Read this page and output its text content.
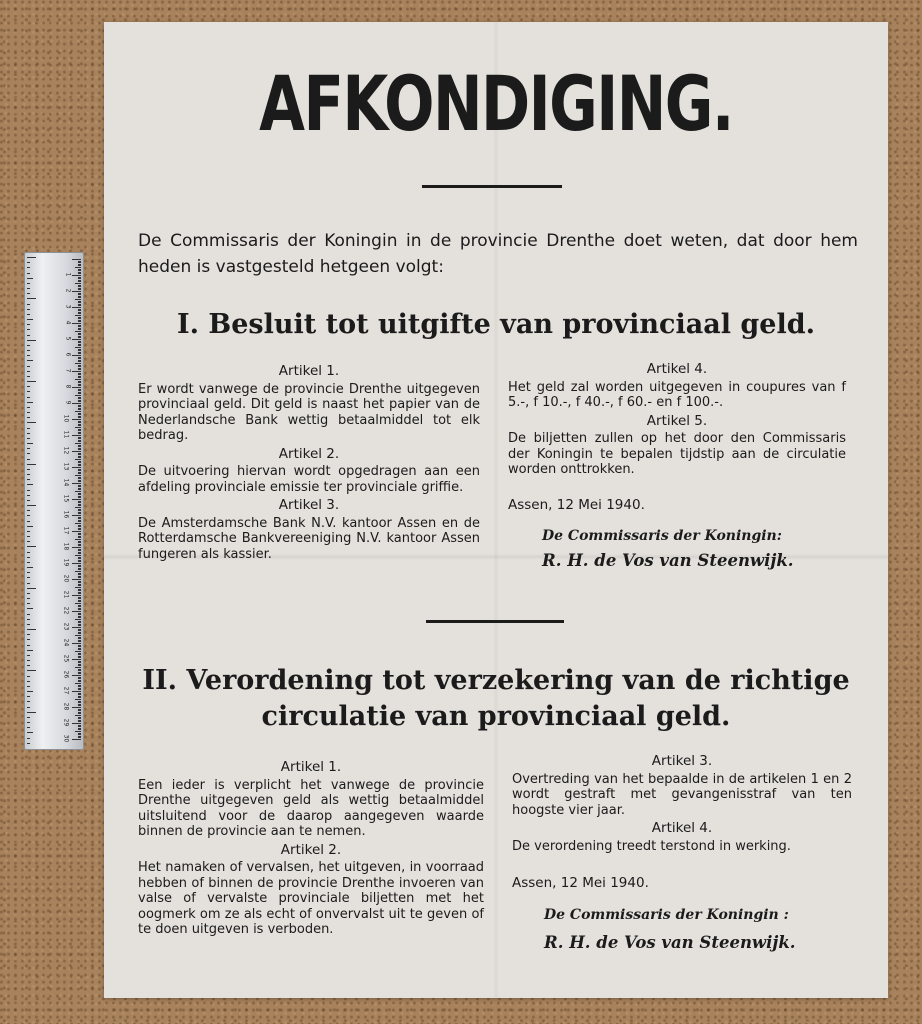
1
2
3
4
5
6
7
8
9
10
11
12
13
14
15
16
17
18
19
20
21
22
23
24
25
26
27
28
29
30
AFKONDIGING.
De Commissaris der Koningin in de provincie Drenthe doet weten, dat door hem heden is vastgesteld hetgeen volgt:
I. Besluit tot uitgifte van provinciaal geld.
Artikel 1.

Er wordt vanwege de provincie Drenthe uitgegeven provinciaal geld. Dit geld is naast het papier van de Nederlandsche Bank wettig betaalmiddel tot elk bedrag.

Artikel 2.

De uitvoering hiervan wordt opgedragen aan een afdeling provinciale emissie ter provinciale griffie.

Artikel 3.

De Amsterdamsche Bank N.V. kantoor Assen en de Rotterdamsche Bankvereeniging N.V. kantoor Assen fungeren als kassier.

Artikel 4.

Het geld zal worden uitgegeven in coupures van f 5.-, f 10.-, f 40.-, f 60.- en f 100.-.

Artikel 5.

De biljetten zullen op het door den Commissaris der Koningin te bepalen tijdstip aan de circulatie worden onttrokken.

Assen, 12 Mei 1940.
De Commissaris der Koningin:
R. H. de Vos van Steenwijk.
II. Verordening tot verzekering van de richtige
circulatie van provinciaal geld.
Artikel 1.

Een ieder is verplicht het vanwege de provincie Drenthe uitgegeven geld als wettig betaalmiddel uitsluitend voor de daarop aangegeven waarde binnen de provincie aan te nemen.

Artikel 2.

Het namaken of vervalsen, het uitgeven, in voorraad hebben of binnen de provincie Drenthe invoeren van valse of vervalste provinciale biljetten met het oogmerk om ze als echt of onvervalst uit te geven of te doen uitgeven is verboden.

Artikel 3.

Overtreding van het bepaalde in de artikelen 1 en 2 wordt gestraft met gevangenisstraf van ten hoogste vier jaar.

Artikel 4.

De verordening treedt terstond in werking.

Assen, 12 Mei 1940.
De Commissaris der Koningin :
R. H. de Vos van Steenwijk.
